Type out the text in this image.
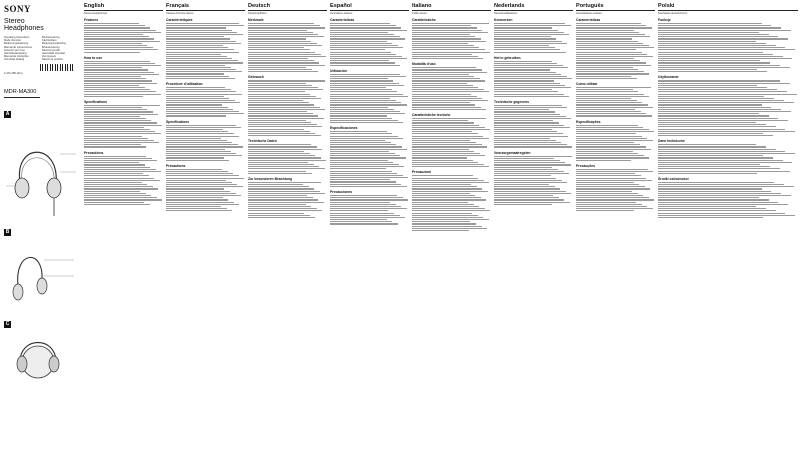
SONY
Stereo
Headphones
Operating Instructions
Mode d'emploi
Bedienungsanleitung
Manual de instrucciones
Istruzioni per l'uso
Gebruiksaanwijzing
Manual de instruções
Instrukcja obsługi
Bruksanvisning
Käyttöohjeet
Betjeningsvejledning
Bruksanvisning
Návod k použití
Használati útmutató
Инструкция
Návod na použitie
4-476-489-11(1)
MDR-MA300
A
B
C
English
Stereo Headphones
Features
How to use
Specifications
Precautions
Français
Casque d'écoute stéréo
Caractéristiques
Procédure d'utilisation
Spécifications
Précautions
Deutsch
Stereokopfhörer
Merkmale
Gebrauch
Technische Daten
Zur besonderen Beachtung
Español
Auriculares estéreo
Características
Utilización
Especificaciones
Precauciones
Italiano
Cuffie stereo
Caratteristiche
Modalità d'uso
Caratteristiche tecniche
Precauzioni
Nederlands
Stereohoofdtelefoon
Kenmerken
Het in gebruiken
Technische gegevens
Voorzorgsmaatregelen
Português
Auscultadores estéreo
Características
Como utilizar
Especificações
Precauções
Polski
Słuchawki stereofoniczne
Funkcje
Użytkowanie
Dane techniczne
Środki ostrożności
